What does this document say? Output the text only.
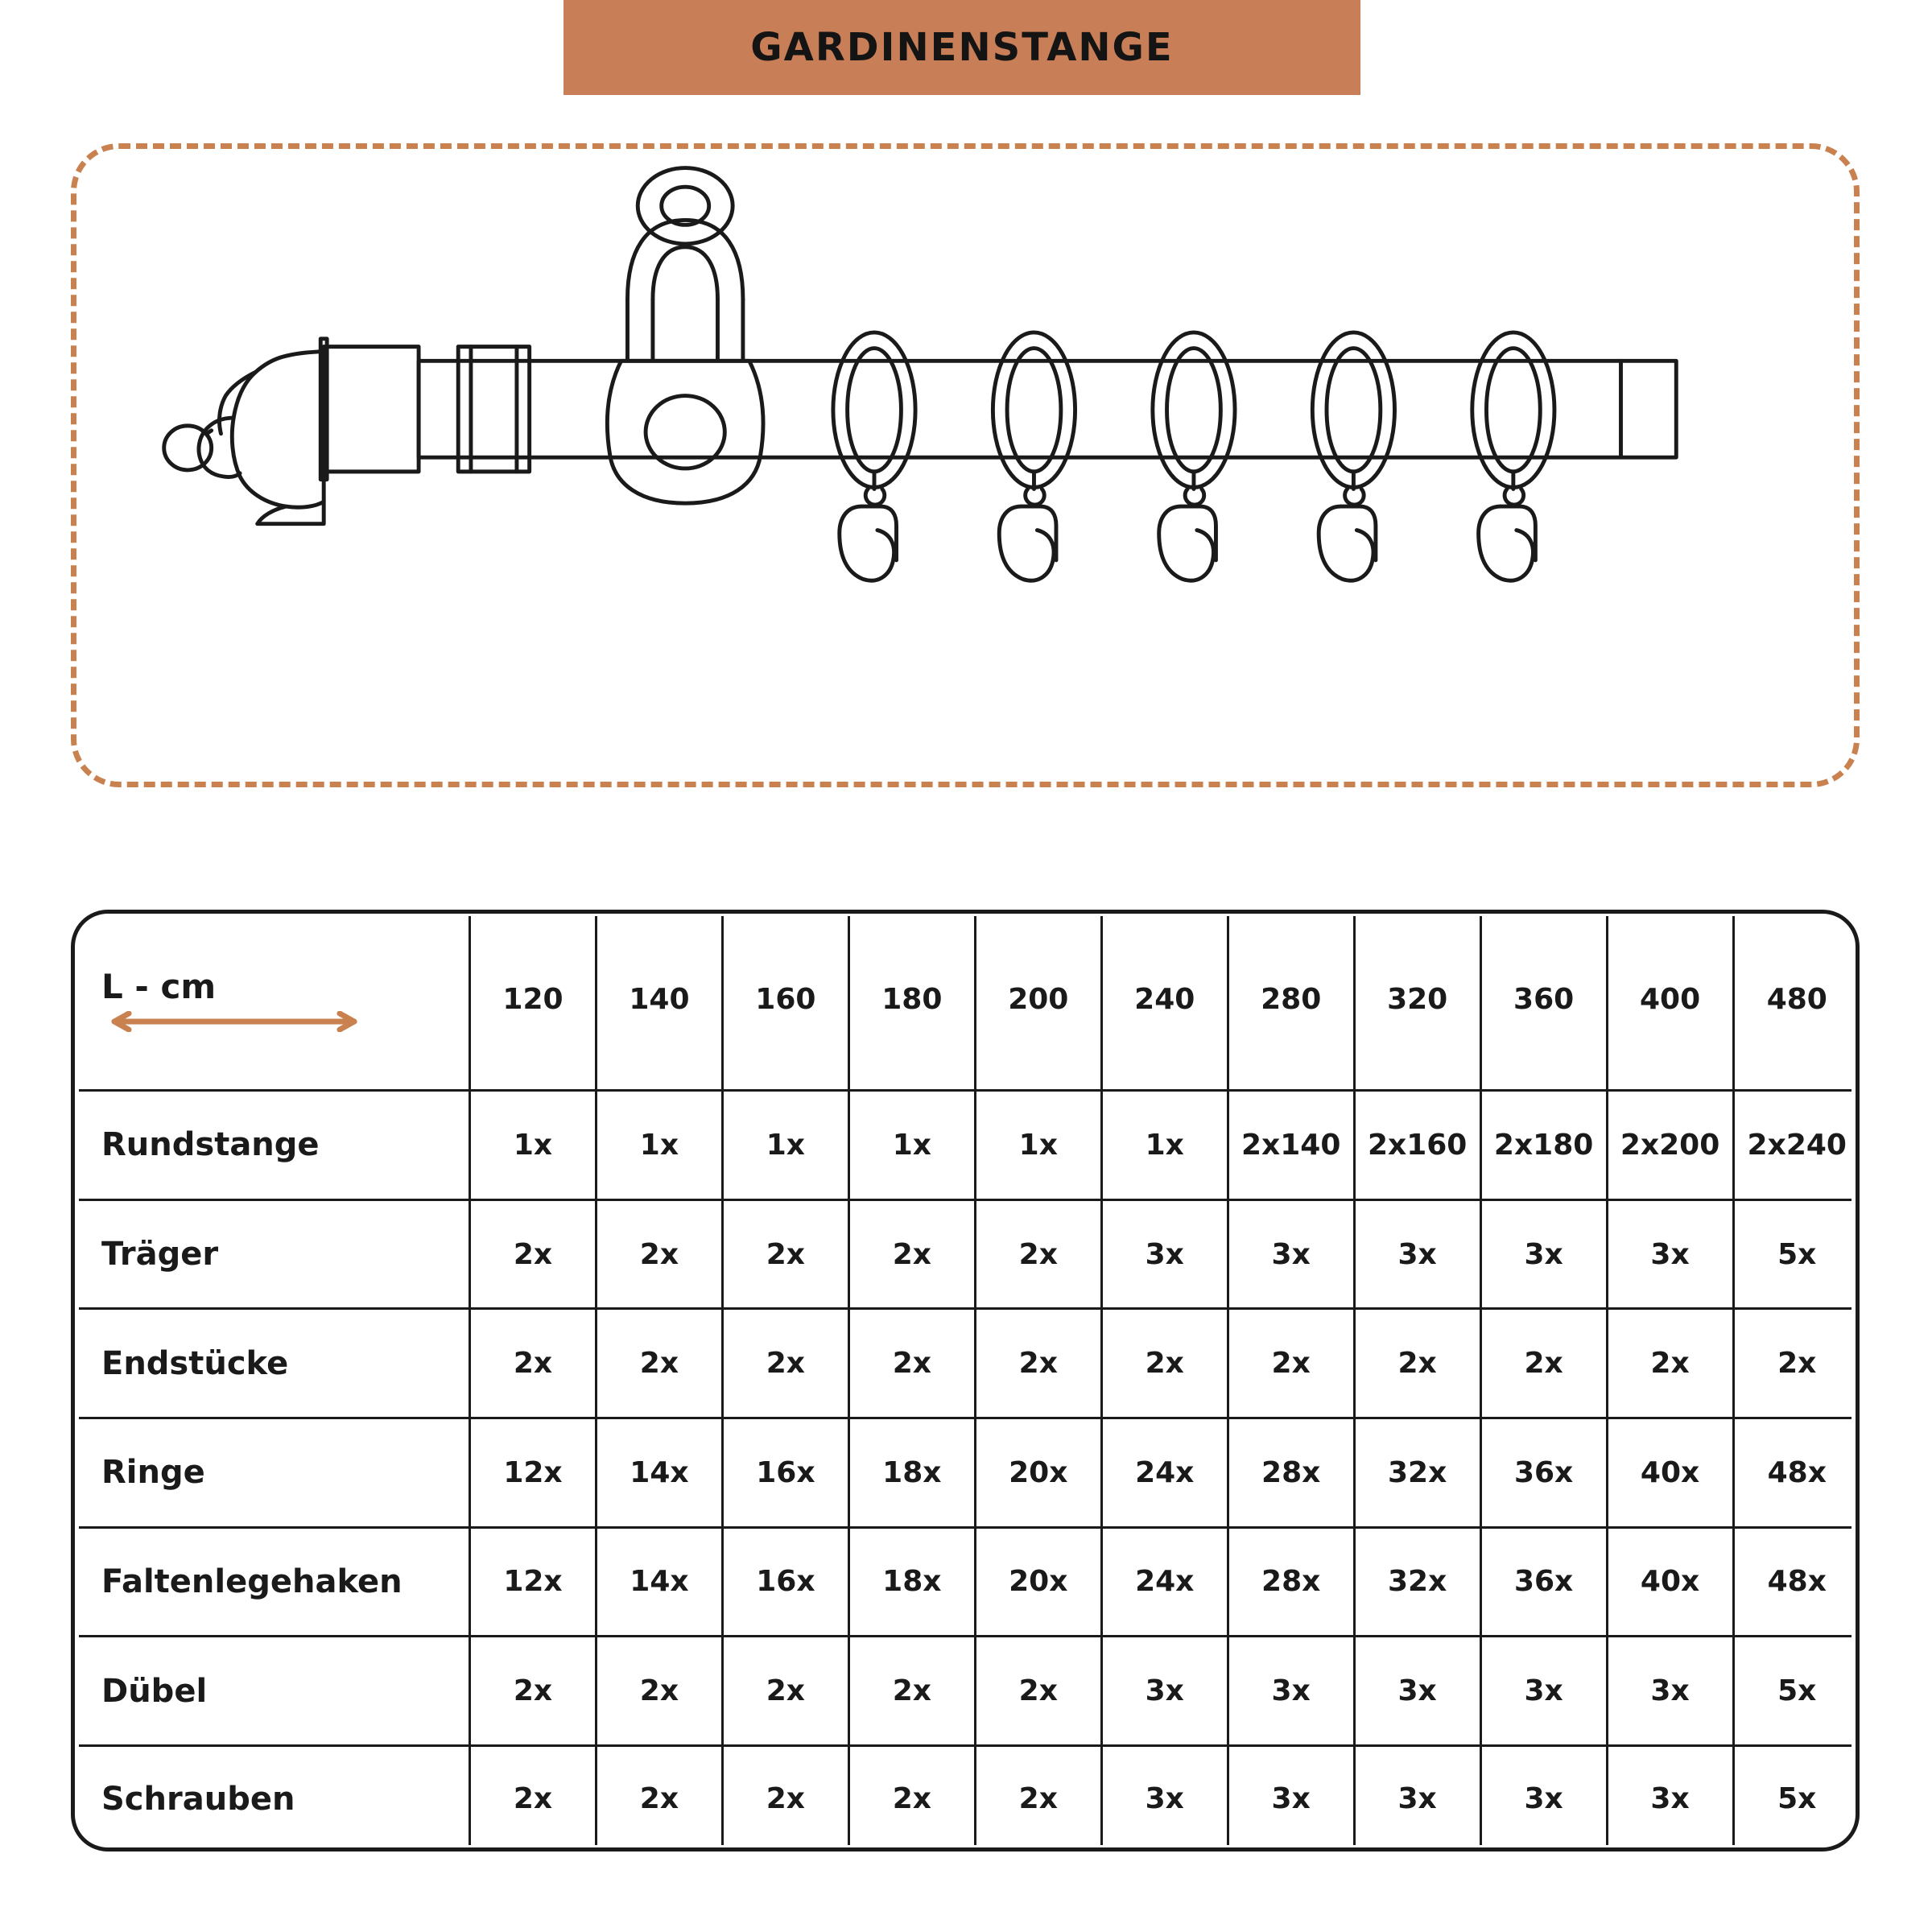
GARDINENSTANGE
L - cm	120	140	160	180	200	240	280	320	360	400	480
Rundstange	1x	1x	1x	1x	1x	1x	2x140	2x160	2x180	2x200	2x240
Träger	2x	2x	2x	2x	2x	3x	3x	3x	3x	3x	5x
Endstücke	2x	2x	2x	2x	2x	2x	2x	2x	2x	2x	2x
Ringe	12x	14x	16x	18x	20x	24x	28x	32x	36x	40x	48x
Faltenlegehaken	12x	14x	16x	18x	20x	24x	28x	32x	36x	40x	48x
Dübel	2x	2x	2x	2x	2x	3x	3x	3x	3x	3x	5x
Schrauben	2x	2x	2x	2x	2x	3x	3x	3x	3x	3x	5x
